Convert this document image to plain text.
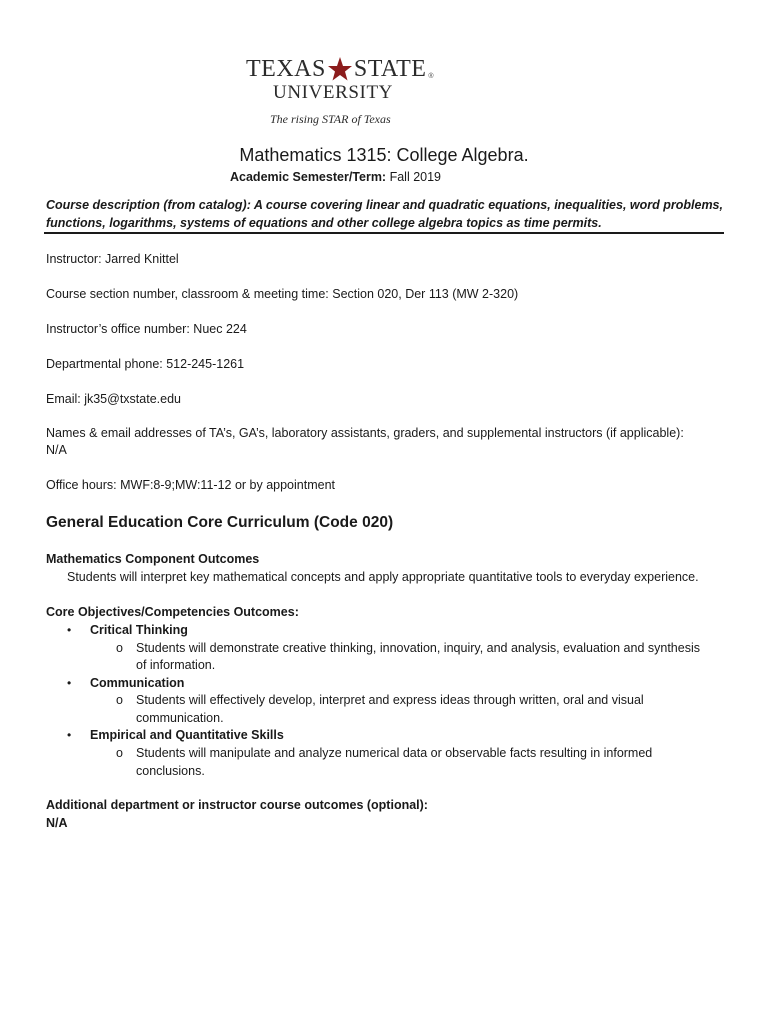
TEXAS STATE ®
UNIVERSITY
The rising STAR of Texas
Mathematics 1315: College Algebra.
Academic Semester/Term: Fall 2019
Course description (from catalog): A course covering linear and quadratic equations, inequalities, word problems, functions, logarithms, systems of equations and other college algebra topics as time permits.
Instructor: Jarred Knittel
Course section number, classroom & meeting time: Section 020, Der 113 (MW 2-320)
Instructor’s office number: Nuec 224
Departmental phone: 512-245-1261
Email: jk35@txstate.edu
Names & email addresses of TA’s, GA’s, laboratory assistants, graders, and supplemental instructors (if applicable):
N/A
Office hours: MWF:8-9;MW:11-12 or by appointment
General Education Core Curriculum (Code 020)
Mathematics Component Outcomes
Students will interpret key mathematical concepts and apply appropriate quantitative tools to everyday experience.
Core Objectives/Competencies Outcomes:
• Critical Thinking
o Students will demonstrate creative thinking, innovation, inquiry, and analysis, evaluation and synthesis
of information.
• Communication
o Students will effectively develop, interpret and express ideas through written, oral and visual
communication.
• Empirical and Quantitative Skills
o Students will manipulate and analyze numerical data or observable facts resulting in informed
conclusions.
Additional department or instructor course outcomes (optional):
N/A
